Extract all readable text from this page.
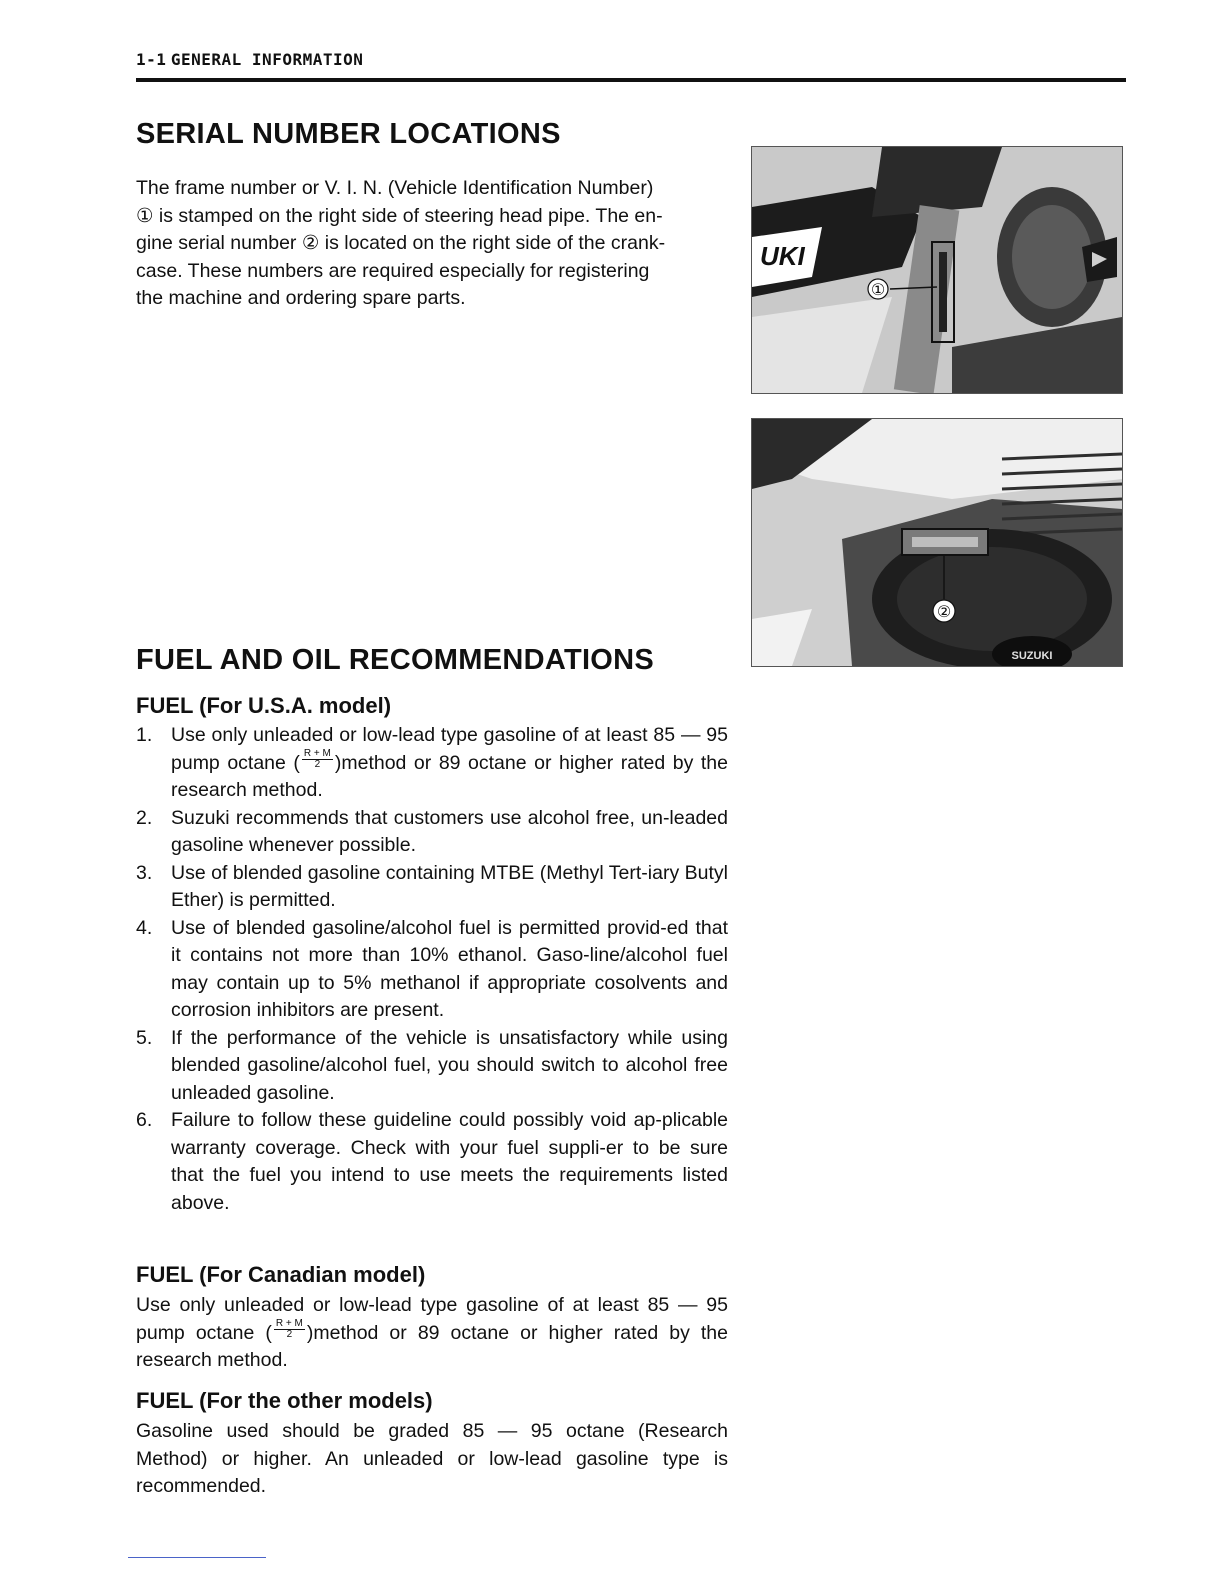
1-1 GENERAL INFORMATION
SERIAL NUMBER LOCATIONS
The frame number or V. I. N. (Vehicle Identification Number)
① is stamped on the right side of steering head pipe. The en-
gine serial number ② is located on the right side of the crank-
case. These numbers are required especially for registering
the machine and ordering spare parts.	①
UKI
②
SUZUKI
FUEL AND OIL RECOMMENDATIONS
FUEL (For U.S.A. model)
1. Use only unleaded or low-lead type gasoline of at least 85 — 95 pump octane ( $\frac{R + M}{2}$ )method or 89 octane or higher rated by the research method.
2. Suzuki recommends that customers use alcohol free, un-leaded gasoline whenever possible.
3. Use of blended gasoline containing MTBE (Methyl Tert-iary Butyl Ether) is permitted.
4. Use of blended gasoline/alcohol fuel is permitted provid-ed that it contains not more than 10% ethanol. Gaso-line/alcohol fuel may contain up to 5% methanol if appropriate cosolvents and corrosion inhibitors are present.
5. If the performance of the vehicle is unsatisfactory while using blended gasoline/alcohol fuel, you should switch to alcohol free unleaded gasoline.
6. Failure to follow these guideline could possibly void ap-plicable warranty coverage. Check with your fuel suppli-er to be sure that the fuel you intend to use meets the requirements listed above.
FUEL (For Canadian model)

Use only unleaded or low-lead type gasoline of at least 85 — 95 pump octane ( $\frac{R + M}{2}$ )method or 89 octane or higher rated by the research method.

FUEL (For the other models)

Gasoline used should be graded 85 — 95 octane (Research Method) or higher. An unleaded or low-lead gasoline type is recommended.
